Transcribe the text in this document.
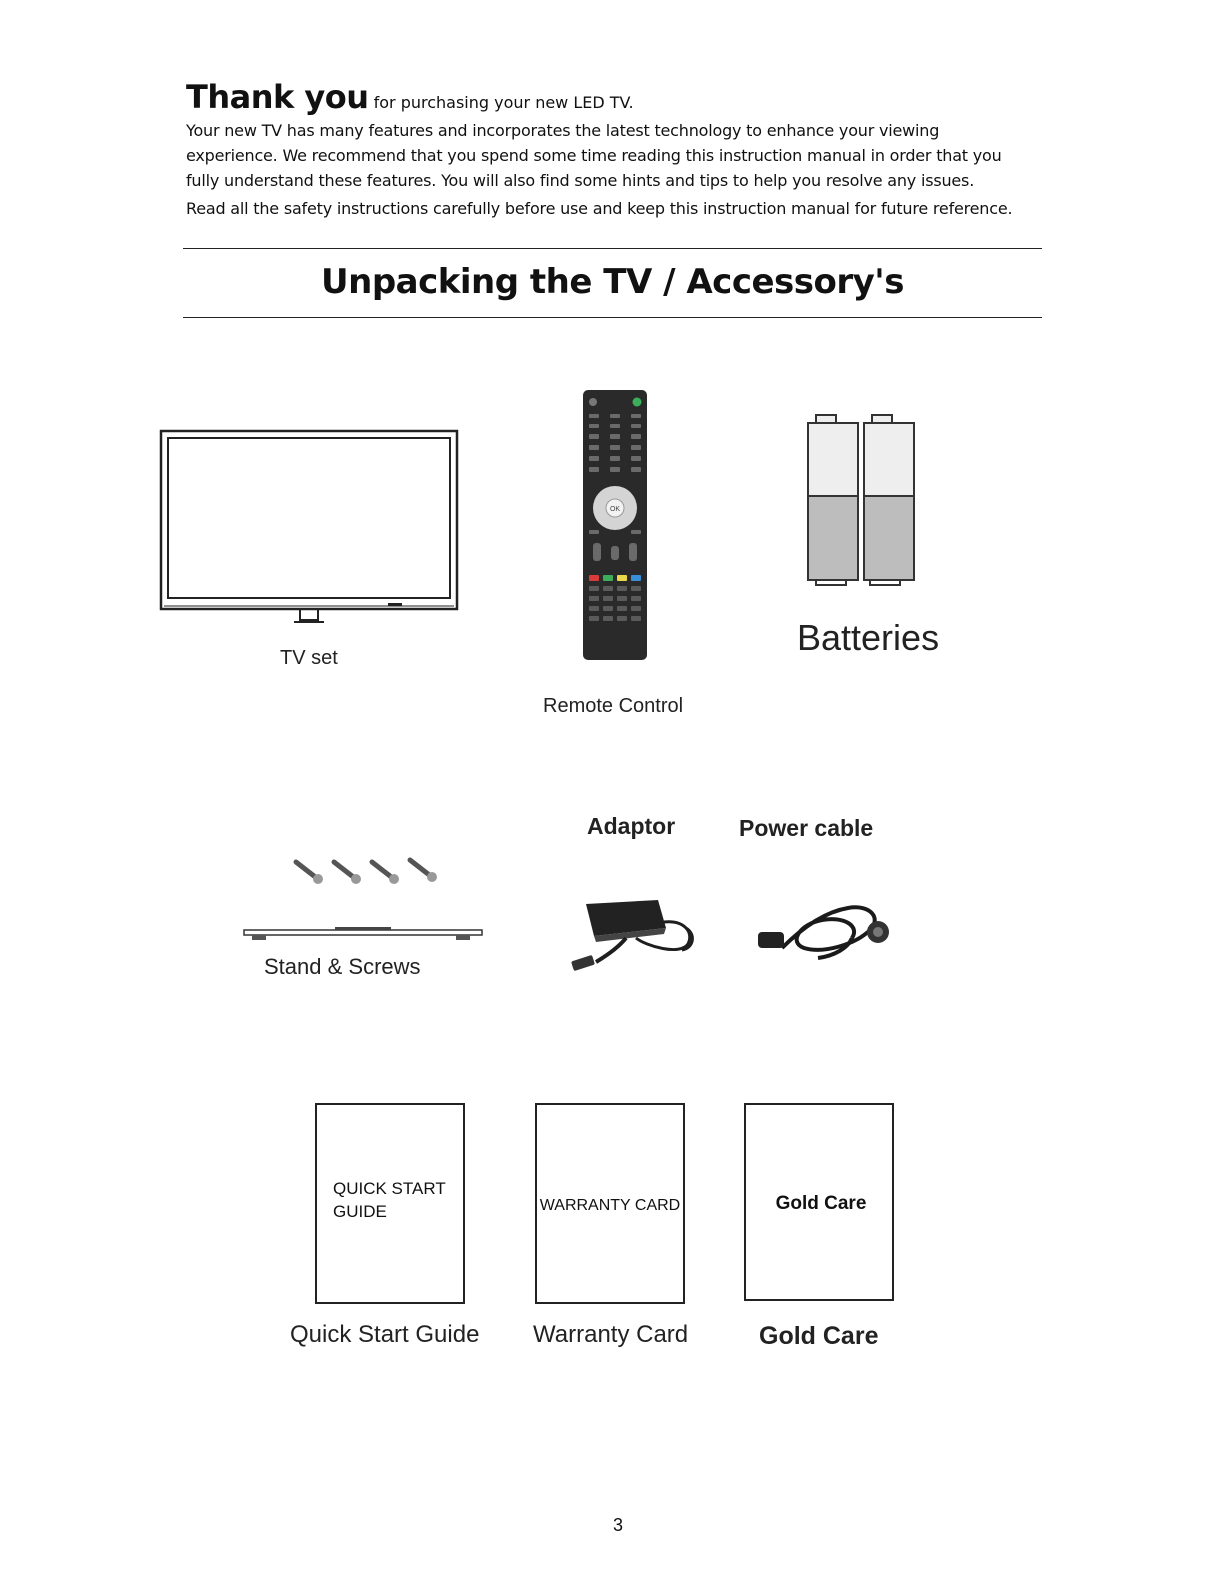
Thank you for purchasing your new LED TV.

Your new TV has many features and incorporates the latest technology to enhance your viewing

experience. We recommend that you spend some time reading this instruction manual in order that you

fully understand these features. You will also find some hints and tips to help you resolve any issues.

Read all the safety instructions carefully before use and keep this instruction manual for future reference.

Unpacking the TV / Accessory's
TV set
OK
Remote Control
Batteries
Stand & Screws
Adaptor	Power cable
QUICK START
GUIDE
Quick Start Guide
WARRANTY CARD
Warranty Card
Gold Care
Gold Care
3
